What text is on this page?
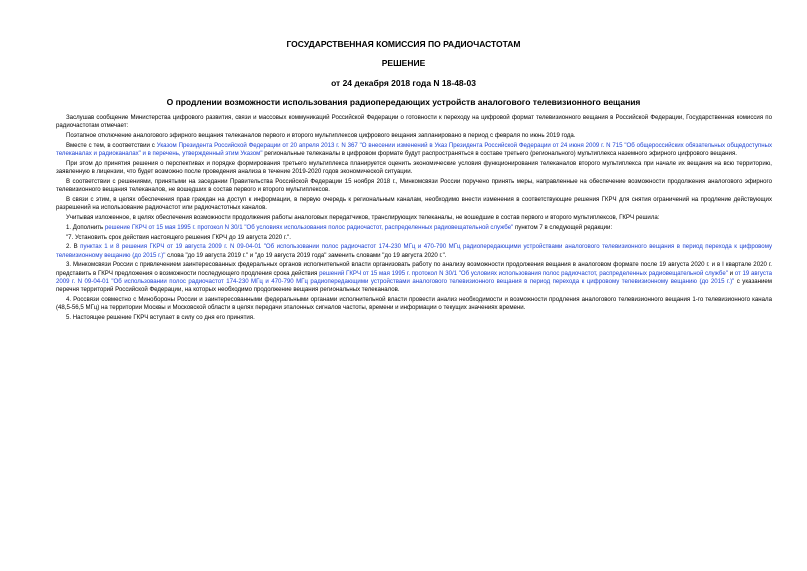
ГОСУДАРСТВЕННАЯ КОМИССИЯ ПО РАДИОЧАСТОТАМ
РЕШЕНИЕ
от 24 декабря 2018 года N 18-48-03
О продлении возможности использования радиопередающих устройств аналогового телевизионного вещания

Заслушав сообщение Министерства цифрового развития, связи и массовых коммуникаций Российской Федерации о готовности к переходу на цифровой формат телевизионного вещания в Российской Федерации, Государственная комиссия по радиочастотам отмечает:

Поэтапное отключение аналогового эфирного вещания телеканалов первого и второго мультиплексов цифрового вещания запланировано в период с февраля по июнь 2019 года.

Вместе с тем, в соответствии с Указом Президента Российской Федерации от 20 апреля 2013 г. N 367 "О внесении изменений в Указ Президента Российской Федерации от 24 июня 2009 г. N 715 "Об общероссийских обязательных общедоступных телеканалах и радиоканалах" и в перечень, утвержденный этим Указом" региональные телеканалы в цифровом формате будут распространяться в составе третьего (регионального) мультиплекса наземного эфирного цифрового вещания.

При этом до принятия решения о перспективах и порядке формирования третьего мультиплекса планируется оценить экономические условия функционирования телеканалов второго мультиплекса при начале их вещания на всю территорию, заявленную в лицензии, что будет возможно после проведения анализа в течение 2019-2020 годов экономической ситуации.

В соответствии с решениями, принятыми на заседании Правительства Российской Федерации 15 ноября 2018 г., Минкомсвязи России поручено принять меры, направленные на обеспечение возможности продолжения аналогового эфирного телевизионного вещания телеканалов, не вошедших в состав первого и второго мультиплексов.

В связи с этим, в целях обеспечения прав граждан на доступ к информации, в первую очередь к региональным каналам, необходимо внести изменения в соответствующие решения ГКРЧ для снятия ограничений на продление действующих разрешений на использование радиочастот или радиочастотных каналов.

Учитывая изложенное, в целях обеспечения возможности продолжения работы аналоговых передатчиков, транслирующих телеканалы, не вошедшие в состав первого и второго мультиплексов, ГКРЧ решила:

1. Дополнить решение ГКРЧ от 15 мая 1995 г. протокол N 30/1 "Об условиях использования полос радиочастот, распределенных радиовещательной службе" пунктом 7 в следующей редакции:

"7. Установить срок действия настоящего решения ГКРЧ до 19 августа 2020 г.".

2. В пунктах 1 и 8 решения ГКРЧ от 19 августа 2009 г. N 09-04-01 "Об использовании полос радиочастот 174-230 МГц и 470-790 МГц радиопередающими устройствами аналогового телевизионного вещания в период перехода к цифровому телевизионному вещанию (до 2015 г.)" слова "до 19 августа 2019 г." и "до 19 августа 2019 года" заменить словами "до 19 августа 2020 г.".

3. Минкомсвязи России с привлечением заинтересованных федеральных органов исполнительной власти организовать работу по анализу возможности продолжения вещания в аналоговом формате после 19 августа 2020 г. и в I квартале 2020 г. представить в ГКРЧ предложения о возможности последующего продления срока действия решений ГКРЧ от 15 мая 1995 г. протокол N 30/1 "Об условиях использования полос радиочастот, распределенных радиовещательной службе" и от 19 августа 2009 г. N 09-04-01 "Об использовании полос радиочастот 174-230 МГц и 470-790 МГц радиопередающими устройствами аналогового телевизионного вещания в период перехода к цифровому телевизионному вещанию (до 2015 г.)" с указанием перечня территорий Российской Федерации, на которых необходимо продолжение вещания региональных телеканалов.

4. Россвязи совместно с Минобороны России и заинтересованными федеральными органами исполнительной власти провести анализ необходимости и возможности продления аналогового телевизионного вещания 1-го телевизионного канала (48,5-56,5 МГц) на территории Москвы и Московской области в целях передачи эталонных сигналов частоты, времени и информации о текущих значениях времени.

5. Настоящее решение ГКРЧ вступает в силу со дня его принятия.
